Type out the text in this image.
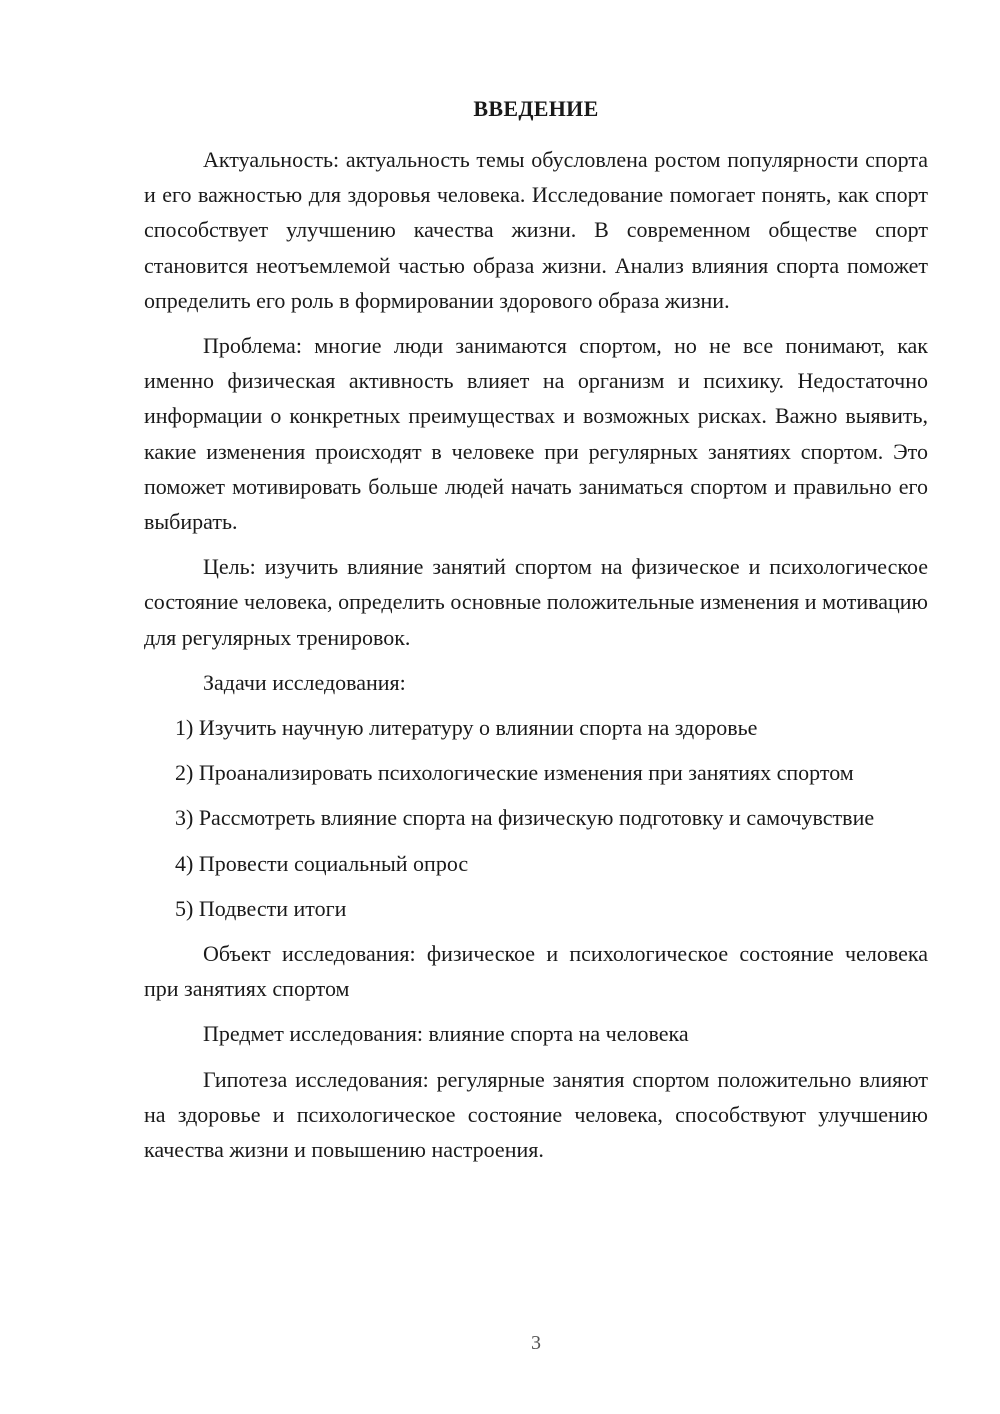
ВВЕДЕНИЕ

Актуальность: актуальность темы обусловлена ростом популярности спорта и его важностью для здоровья человека. Исследование помогает понять, как спорт способствует улучшению качества жизни. В современном обществе спорт становится неотъемлемой частью образа жизни. Анализ влияния спорта поможет определить его роль в формировании здорового образа жизни.

Проблема: многие люди занимаются спортом, но не все понимают, как именно физическая активность влияет на организм и психику. Недостаточно информации о конкретных преимуществах и возможных рисках. Важно выявить, какие изменения происходят в человеке при регулярных занятиях спортом. Это поможет мотивировать больше людей начать заниматься спортом и правильно его выбирать.

Цель: изучить влияние занятий спортом на физическое и психологическое состояние человека, определить основные положительные изменения и мотивацию для регулярных тренировок.

Задачи исследования:

1) Изучить научную литературу о влиянии спорта на здоровье

2) Проанализировать психологические изменения при занятиях спортом

3) Рассмотреть влияние спорта на физическую подготовку и самочувствие

4) Провести социальный опрос

5) Подвести итоги

Объект исследования: физическое и психологическое состояние человека при занятиях спортом

Предмет исследования: влияние спорта на человека

Гипотеза исследования: регулярные занятия спортом положительно влияют на здоровье и психологическое состояние человека, способствуют улучшению качества жизни и повышению настроения.

3
